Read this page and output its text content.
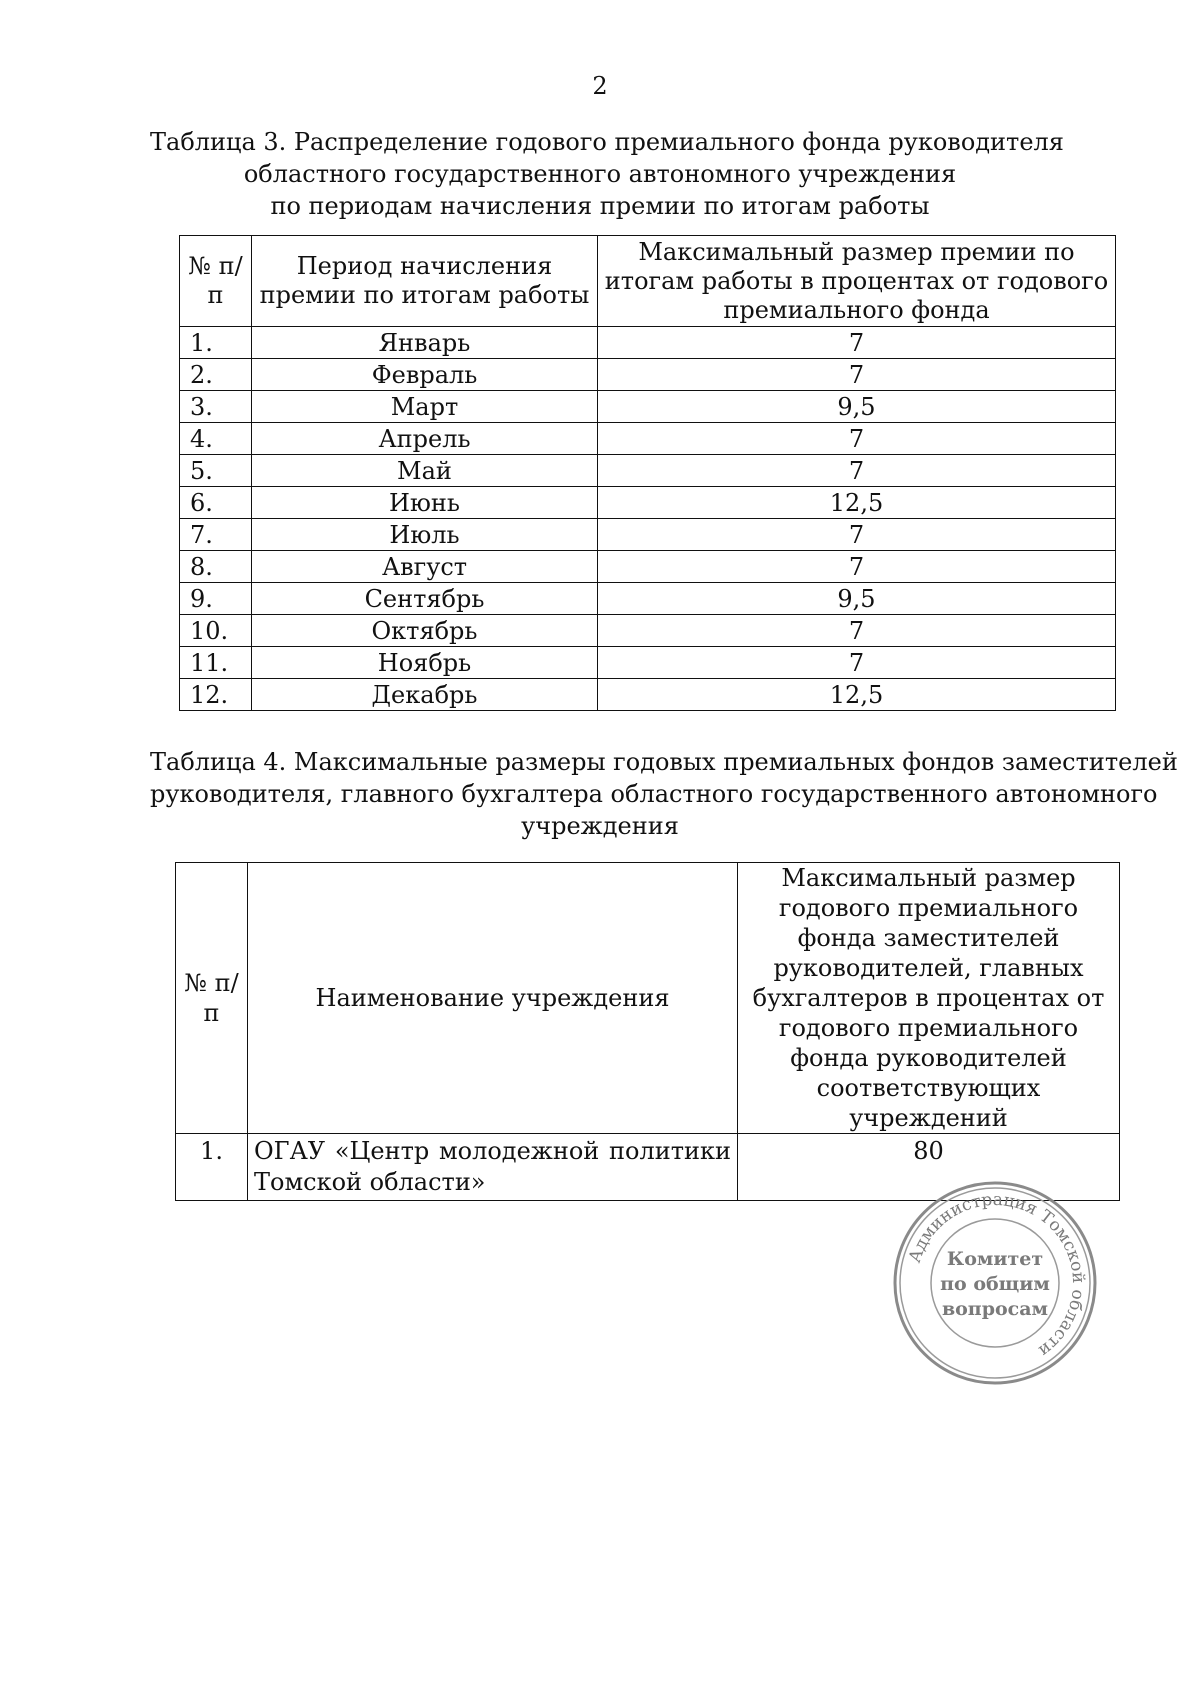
2
Таблица 3. Распределение годового премиального фонда руководителя
областного государственного автономного учреждения
по периодам начисления премии по итогам работы
№ п/п	Период начисления премии по итогам работы	Максимальный размер премии по итогам работы в процентах от годового премиального фонда
1.	Январь	7
2.	Февраль	7
3.	Март	9,5
4.	Апрель	7
5.	Май	7
6.	Июнь	12,5
7.	Июль	7
8.	Август	7
9.	Сентябрь	9,5
10.	Октябрь	7
11.	Ноябрь	7
12.	Декабрь	12,5
Таблица 4. Максимальные размеры годовых премиальных фондов заместителей
руководителя, главного бухгалтера областного государственного автономного
учреждения
№ п/п	Наименование учреждения	Максимальный размер годового премиального фонда заместителей руководителей, главных бухгалтеров в процентах от годового премиального фонда руководителей соответствующих учреждений
1.	ОГАУ «Центр молодежной политики Томской области»	80
Администрация Томской области
Комитет
по общим
вопросам
